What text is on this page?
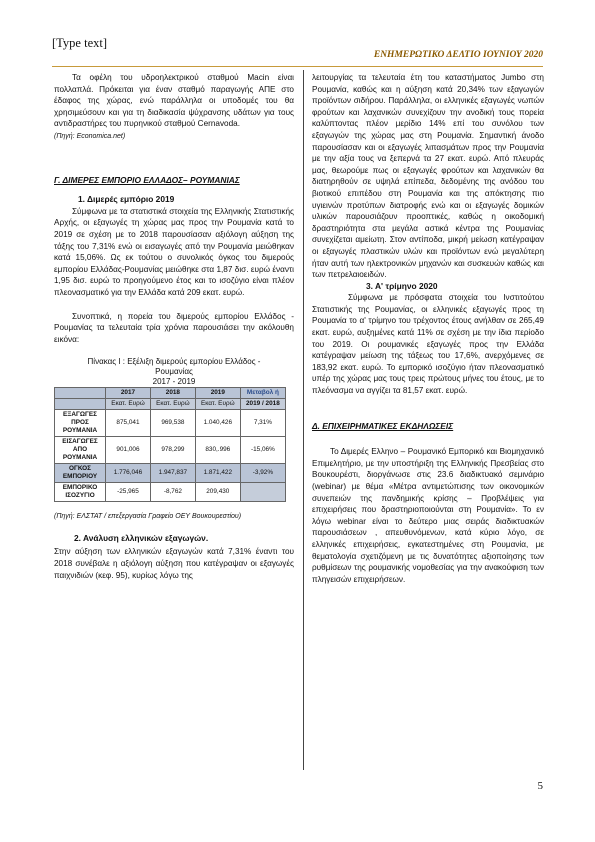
[Type text]
ΕΝΗΜΕΡΩΤΙΚΟ ΔΕΛΤΙΟ ΙΟΥΝΙΟΥ 2020

Τα οφέλη του υδροηλεκτρικού σταθμού Macin είναι πολλαπλά. Πρόκειται για έναν σταθμό παραγωγής ΑΠΕ στο έδαφος της χώρας, ενώ παράλληλα οι υποδομές του θα χρησιμεύσουν και για τη διαδικασία ψύχρανσης υδάτων για τους αντιδραστήρες του πυρηνικού σταθμού Cernavoda.

(Πηγή: Economica.net)
Γ. ΔΙΜΕΡΕΣ ΕΜΠΟΡΙΟ ΕΛΛΑΔΟΣ– ΡΟΥΜΑΝΙΑΣ
1. Διμερές εμπόριο 2019

Σύμφωνα με τα στατιστικά στοιχεία της Ελληνικής Στατιστικής Αρχής, οι εξαγωγές τη χώρας μας προς την Ρουμανία κατά το 2019 σε σχέση με το 2018 παρουσίασαν αξιόλογη αύξηση της τάξης του 7,31% ενώ οι εισαγωγές από την Ρουμανία μειώθηκαν κατά 15,06%. Ως εκ τούτου ο συνολικός όγκος του διμερούς εμπορίου Ελλάδας-Ρουμανίας μειώθηκε στα 1,87 δισ. ευρώ έναντι 1,95 δισ. ευρώ το προηγούμενο έτος και το ισοζύγιο είναι πλέον πλεονασματικό για την Ελλάδα κατά 209 εκατ. ευρώ.

Συνοπτικά, η πορεία του διμερούς εμπορίου Ελλάδος - Ρουμανίας τα τελευταία τρία χρόνια παρουσιάσει την ακόλουθη εικόνα:

Πίνακας Ι : Εξέλιξη διμερούς εμπορίου Ελλάδος -
Ρουμανίας
2017 - 2019
	2017	2018	2019	Μεταβολ ή
	Εκατ. Ευρώ	Εκατ. Ευρώ	Εκατ. Ευρώ	2019 / 2018
ΕΞΑΓΩΓΕΣ ΠΡΟΣ ΡΟΥΜΑΝΙΑ	875,041	969,538	1.040,426	7,31%
ΕΙΣΑΓΩΓΕΣ ΑΠΟ ΡΟΥΜΑΝΙΑ	901,006	978,299	830,.996	-15,06%
ΟΓΚΟΣ ΕΜΠΟΡΙΟΥ	1.776,046	1.947,837	1.871,422	-3,92%
ΕΜΠΟΡΙΚΟ ΙΣΟΖΥΓΙΟ	-25,965	-8,762	209,430	
(Πηγή: ΕΛΣΤΑΤ / επεξεργασία Γραφείο ΟΕΥ Βουκουρεστίου)
2. Ανάλυση ελληνικών εξαγωγών.

Στην αύξηση των ελληνικών εξαγωγών κατά 7,31% έναντι του 2018 συνέβαλε η αξιόλογη αύξηση που κατέγραψαν οι εξαγωγές παιχνιδιών (κεφ. 95), κυρίως λόγω της

λειτουργίας τα τελευταία έτη του καταστήματος Jumbo στη Ρουμανία, καθώς και η αύξηση κατά 20,34% των εξαγωγών προϊόντων σιδήρου. Παράλληλα, οι ελληνικές εξαγωγές νωπών φρούτων και λαχανικών συνεχίζουν την ανοδική τους πορεία καλύπτοντας πλέον μερίδιο 14% επί του συνόλου των εξαγωγών της χώρας μας στη Ρουμανία. Σημαντική άνοδο παρουσίασαν και οι εξαγωγές λιπασμάτων προς την Ρουμανία με την αξία τους να ξεπερνά τα 27 εκατ. ευρώ. Από πλευράς μας, θεωρούμε πως οι εξαγωγές φρούτων και λαχανικών θα διατηρηθούν σε υψηλά επίπεδα, δεδομένης της ανόδου του βιοτικού επιπέδου στη Ρουμανία και της απόκτησης πιο υγιεινών προτύπων διατροφής ενώ και οι εξαγωγές δομικών υλικών παρουσιάζουν προοπτικές, καθώς η οικοδομική δραστηριότητα στα μεγάλα αστικά κέντρα της Ρουμανίας συνεχίζεται αμείωτη. Στον αντίποδα, μικρή μείωση κατέγραψαν οι εξαγωγές πλαστικών υλών και προϊόντων ενώ μεγαλύτερη ήταν αυτή των ηλεκτρονικών μηχανών και συσκευών καθώς και των πετρελαιοειδών.

3. Α' τρίμηνο 2020

Σύμφωνα με πρόσφατα στοιχεία του Ινστιτούτου Στατιστικής της Ρουμανίας, οι ελληνικές εξαγωγές προς τη Ρουμανία το α' τρίμηνο του τρέχοντος έτους ανήλθαν σε 265,49 εκατ. ευρώ, αυξημένες κατά 11% σε σχέση με την ίδια περίοδο του 2019. Οι ρουμανικές εξαγωγές προς την Ελλάδα κατέγραψαν μείωση της τάξεως του 17,6%, ανερχόμενες σε 183,92 εκατ. ευρώ. Το εμπορικό ισοζύγιο ήταν πλεονασματικό υπέρ της χώρας μας τους τρεις πρώτους μήνες του έτους, με το πλεόνασμα να αγγίζει τα 81,57 εκατ. ευρώ.

Δ. ΕΠΙΧΕΙΡΗΜΑΤΙΚΕΣ ΕΚΔΗΛΩΣΕΙΣ

Το Διμερές Ελληνο – Ρουμανικό Εμπορικό και Βιομηχανικό Επιμελητήριο, με την υποστήριξη της Ελληνικής Πρεσβείας στο Βουκουρέστι, διοργάνωσε στις 23.6 διαδικτυακό σεμινάριο (webinar) με θέμα «Μέτρα αντιμετώπισης των οικονομικών συνεπειών της πανδημικής κρίσης – Προβλέψεις για επιχειρήσεις που δραστηριοποιούνται στη Ρουμανία». Το εν λόγω webinar είναι το δεύτερο μιας σειράς διαδικτυακών παρουσιάσεων , απευθυνόμενων, κατά κύριο λόγο, σε ελληνικές επιχειρήσεις, εγκατεστημένες στη Ρουμανία, με θεματολογία σχετιζόμενη με τις δυνατότητες αξιοποίησης των ρυθμίσεων της ρουμανικής νομοθεσίας για την ανακούφιση των πληγεισών επιχειρήσεων.

5
